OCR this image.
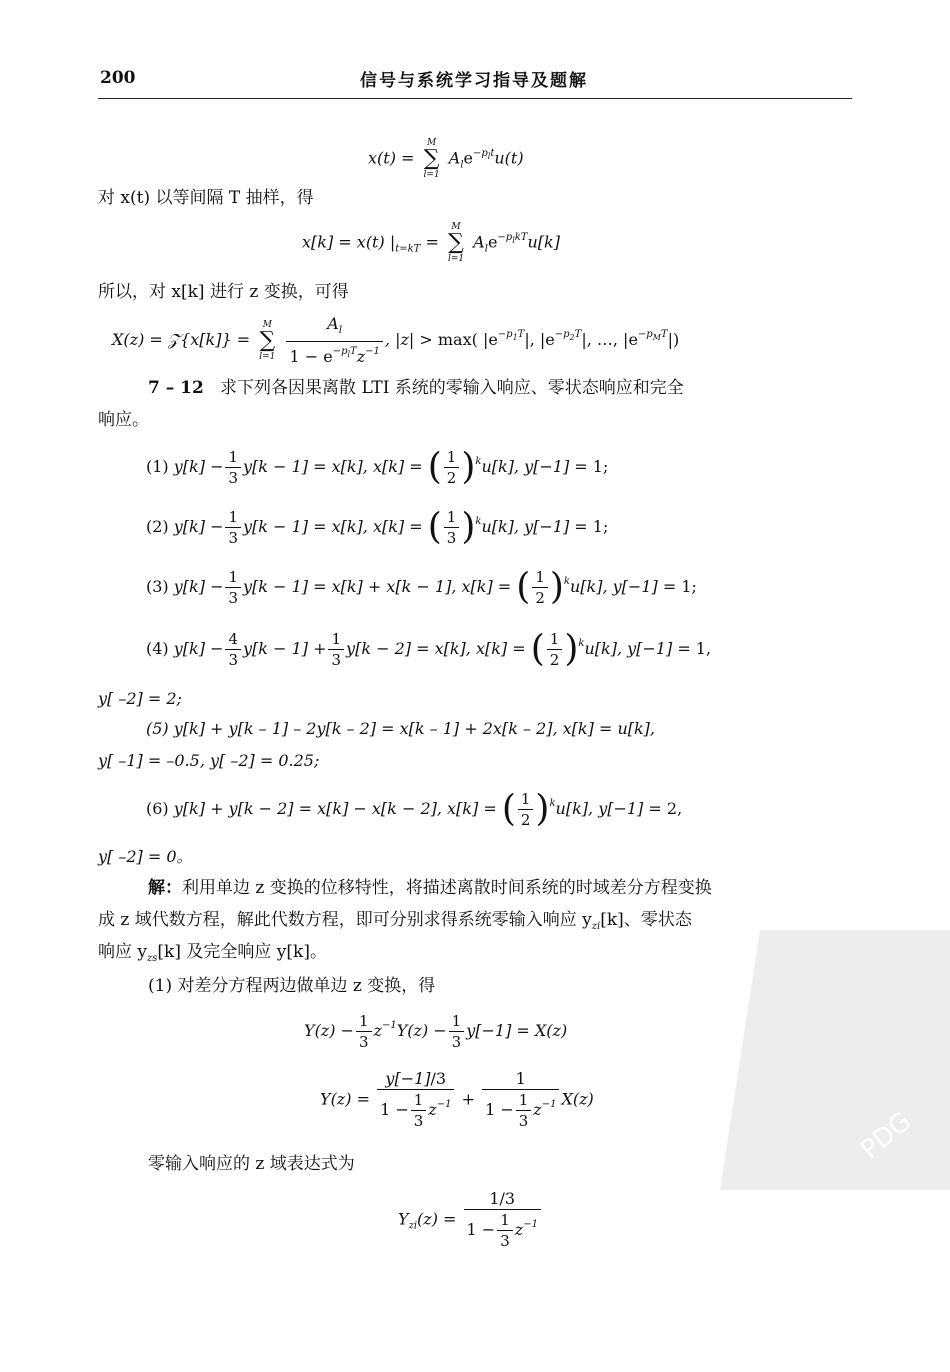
200	信号与系统学习指导及题解
x(t) =
M
∑
l=1
$A_le^{-p_lt}u(t)$
对 x(t) 以等间隔 T 抽样，得
x[k] = x(t) $|_{t=kT}$ =
M
∑
l=1
$A_le^{-p_lkT}u[k]$
所以，对 x[k] 进行 z 变换，可得
X(z) = 𝒵{x[k]} =
M
∑
l=1
$\frac{A_l}{1 - e^{-p_lT}z^{-1}}$ , |z| > max( $|e^{-p_1T}|$, $|e^{-p_2T}|$, …, $|e^{-p_MT}|$)
7 – 12 求下列各因果离散 LTI 系统的零输入响应、零状态响应和完全
响应。
(1) $y[k] - \frac{1}{3} y[k - 1] = x[k]$, x[k] = ( $\frac{1}{2} )^ku[k]$, y[−1] = 1;
(2) $y[k] - \frac{1}{3} y[k - 1] = x[k]$, x[k] = ( $\frac{1}{3} )^ku[k]$, y[−1] = 1;
(3) $y[k] - \frac{1}{3} y[k - 1] = x[k] + x[k - 1]$, x[k] = ( $\frac{1}{2} )^ku[k]$, y[−1] = 1;
(4) $y[k] - \frac{4}{3} y[k - 1] + \frac{1}{3} y[k - 2] = x[k]$, x[k] = ( $\frac{1}{2} )^ku[k]$, y[−1] = 1,
y[ –2] = 2;
(5) y[k] + y[k – 1] – 2y[k – 2] = x[k – 1] + 2x[k – 2], x[k] = u[k],
y[ –1] = –0.5, y[ –2] = 0.25;
(6) y[k] + y[k − 2] = x[k] − x[k − 2], x[k] = ( $\frac{1}{2} )^ku[k]$, y[−1] = 2,
y[ –2] = 0。
解：利用单边 z 变换的位移特性，将描述离散时间系统的时域差分方程变换
成 z 域代数方程，解此代数方程，即可分别求得系统零输入响应 $y_{zi}[k]$、零状态
响应 $y_{zs}[k]$ 及完全响应 y[k]。
(1) 对差分方程两边做单边 z 变换，得
$Y(z) - \frac{1}{3} z^{-1}Y(z) - \frac{1}{3} y[-1] = X(z)$
$Y(z) = \frac{y[-1]/3}{1 - \frac{1}{3} z^{-1}} + \frac{1}{1 - \frac{1}{3} z^{-1}} X(z)$
零输入响应的 z 域表达式为
$Y_{zi}(z) = \frac{1/3}{1 - \frac{1}{3} z^{-1}}$
PDG
